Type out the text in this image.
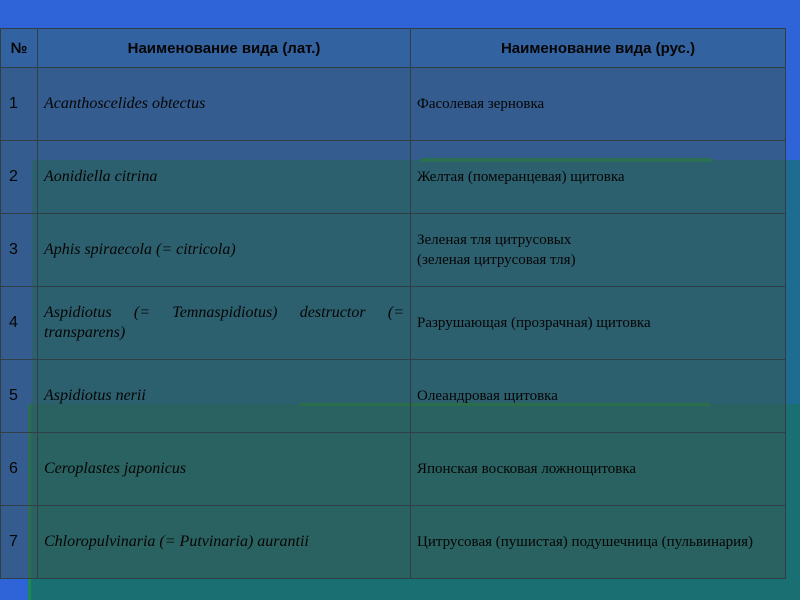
№	Наименование вида (лат.)	Наименование вида (рус.)
1	Acanthoscelides obtectus	Фасолевая зерновка
2	Aonidiella citrina	Желтая (померанцевая) щитовка
3	Aphis spiraecola (= citricola)	Зеленая тля цитрусовых
(зеленая цитрусовая тля)

4	Aspidiotus (= Temnaspidiotus) destructor (= transparens)	Разрушающая (прозрачная) щитовка
5	Aspidiotus nerii	Олеандровая щитовка
6	Ceroplastes japonicus	Японская восковая ложнощитовка
7	Chloropulvinaria (= Putvinaria) aurantii	Цитрусовая (пушистая) подушечница (пульвинария)
